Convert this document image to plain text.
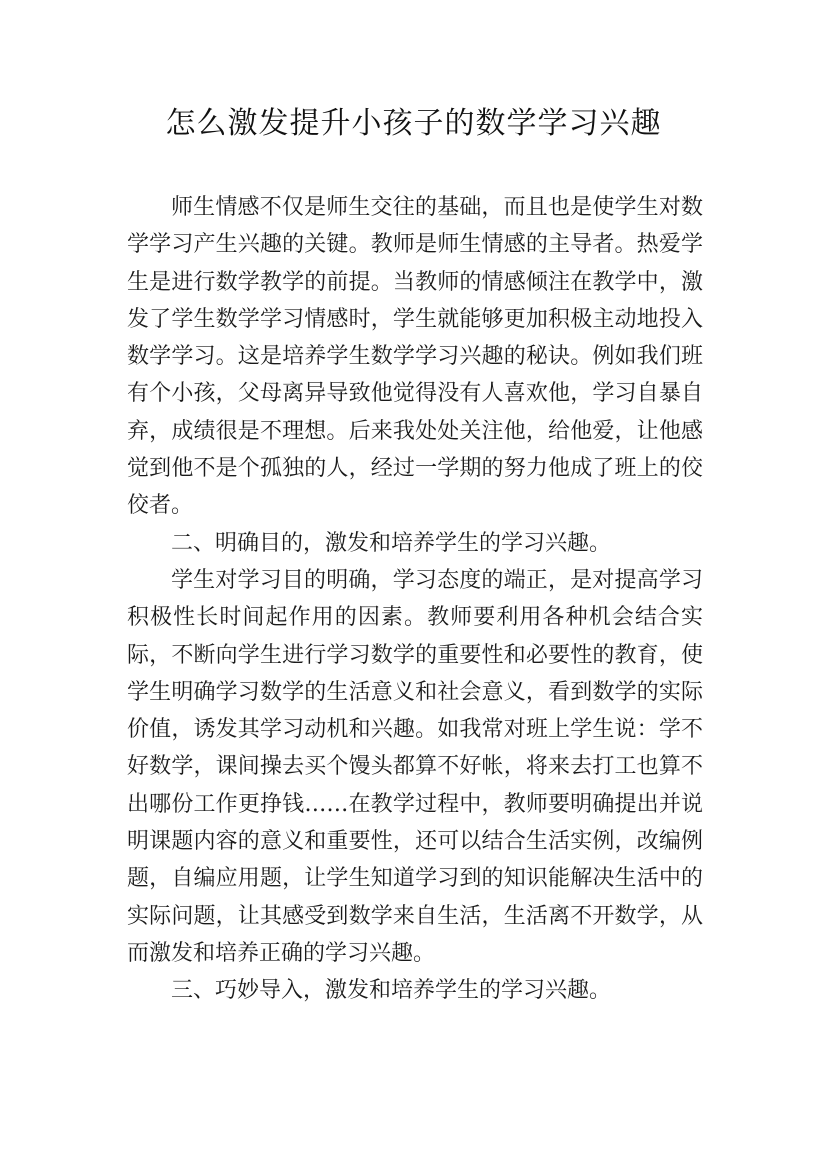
怎么激发提升小孩子的数学学习兴趣

师生情感不仅是师生交往的基础，而且也是使学生对数学学习产生兴趣的关键。教师是师生情感的主导者。热爱学生是进行数学教学的前提。当教师的情感倾注在教学中，激发了学生数学学习情感时，学生就能够更加积极主动地投入数学学习。这是培养学生数学学习兴趣的秘诀。例如我们班有个小孩，父母离异导致他觉得没有人喜欢他，学习自暴自弃，成绩很是不理想。后来我处处关注他，给他爱，让他感觉到他不是个孤独的人，经过一学期的努力他成了班上的佼佼者。

二、明确目的，激发和培养学生的学习兴趣。

学生对学习目的明确，学习态度的端正，是对提高学习积极性长时间起作用的因素。教师要利用各种机会结合实际，不断向学生进行学习数学的重要性和必要性的教育，使学生明确学习数学的生活意义和社会意义，看到数学的实际价值，诱发其学习动机和兴趣。如我常对班上学生说：学不好数学，课间操去买个馒头都算不好帐，将来去打工也算不出哪份工作更挣钱……在教学过程中，教师要明确提出并说明课题内容的意义和重要性，还可以结合生活实例，改编例题，自编应用题，让学生知道学习到的知识能解决生活中的实际问题，让其感受到数学来自生活，生活离不开数学，从而激发和培养正确的学习兴趣。

三、巧妙导入，激发和培养学生的学习兴趣。
